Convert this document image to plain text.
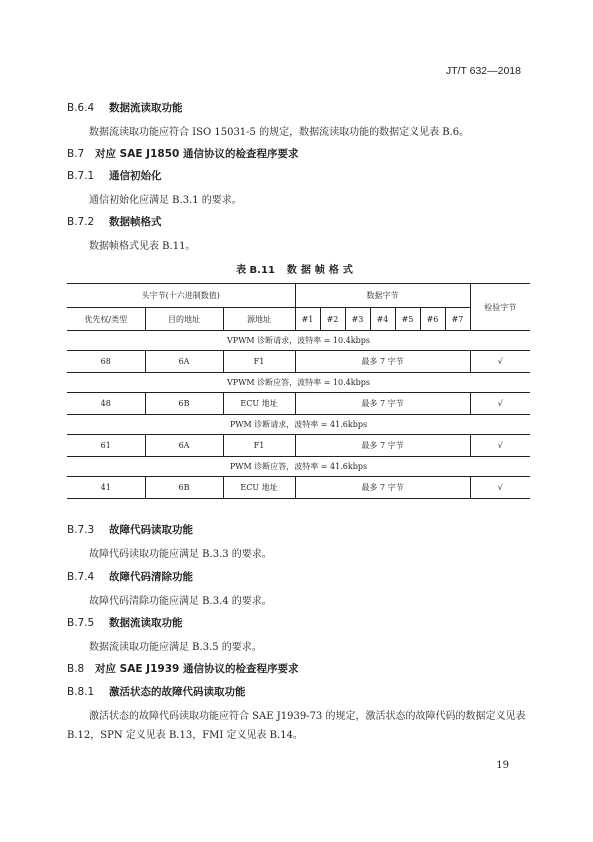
JT/T 632—2018
B.6.4 数据流读取功能
数据流读取功能应符合 ISO 15031-5 的规定，数据流读取功能的数据定义见表 B.6。
B.7 对应 SAE J1850 通信协议的检查程序要求
B.7.1 通信初始化
通信初始化应满足 B.3.1 的要求。
B.7.2 数据帧格式
数据帧格式见表 B.11。
表 B.11 数据帧格式
头字节(十六进制数值)			数据字节							检验字节
优先权/类型	目的地址	源地址	#1	#2	#3	#4	#5	#6	#7	
VPWM 诊断请求，波特率 = 10.4kbps										
68	6A	F1	最多 7 字节							√
VPWM 诊断应答，波特率 = 10.4kbps										
48	6B	ECU 地址	最多 7 字节							√
PWM 诊断请求，波特率 = 41.6kbps										
61	6A	F1	最多 7 字节							√
PWM 诊断应答，波特率 = 41.6kbps										
41	6B	ECU 地址	最多 7 字节							√
B.7.3 故障代码读取功能
故障代码读取功能应满足 B.3.3 的要求。
B.7.4 故障代码清除功能
故障代码清除功能应满足 B.3.4 的要求。
B.7.5 数据流读取功能
数据流读取功能应满足 B.3.5 的要求。
B.8 对应 SAE J1939 通信协议的检查程序要求
B.8.1 激活状态的故障代码读取功能
激活状态的故障代码读取功能应符合 SAE J1939-73 的规定，激活状态的故障代码的数据定义见表
B.12，SPN 定义见表 B.13，FMI 定义见表 B.14。
19
